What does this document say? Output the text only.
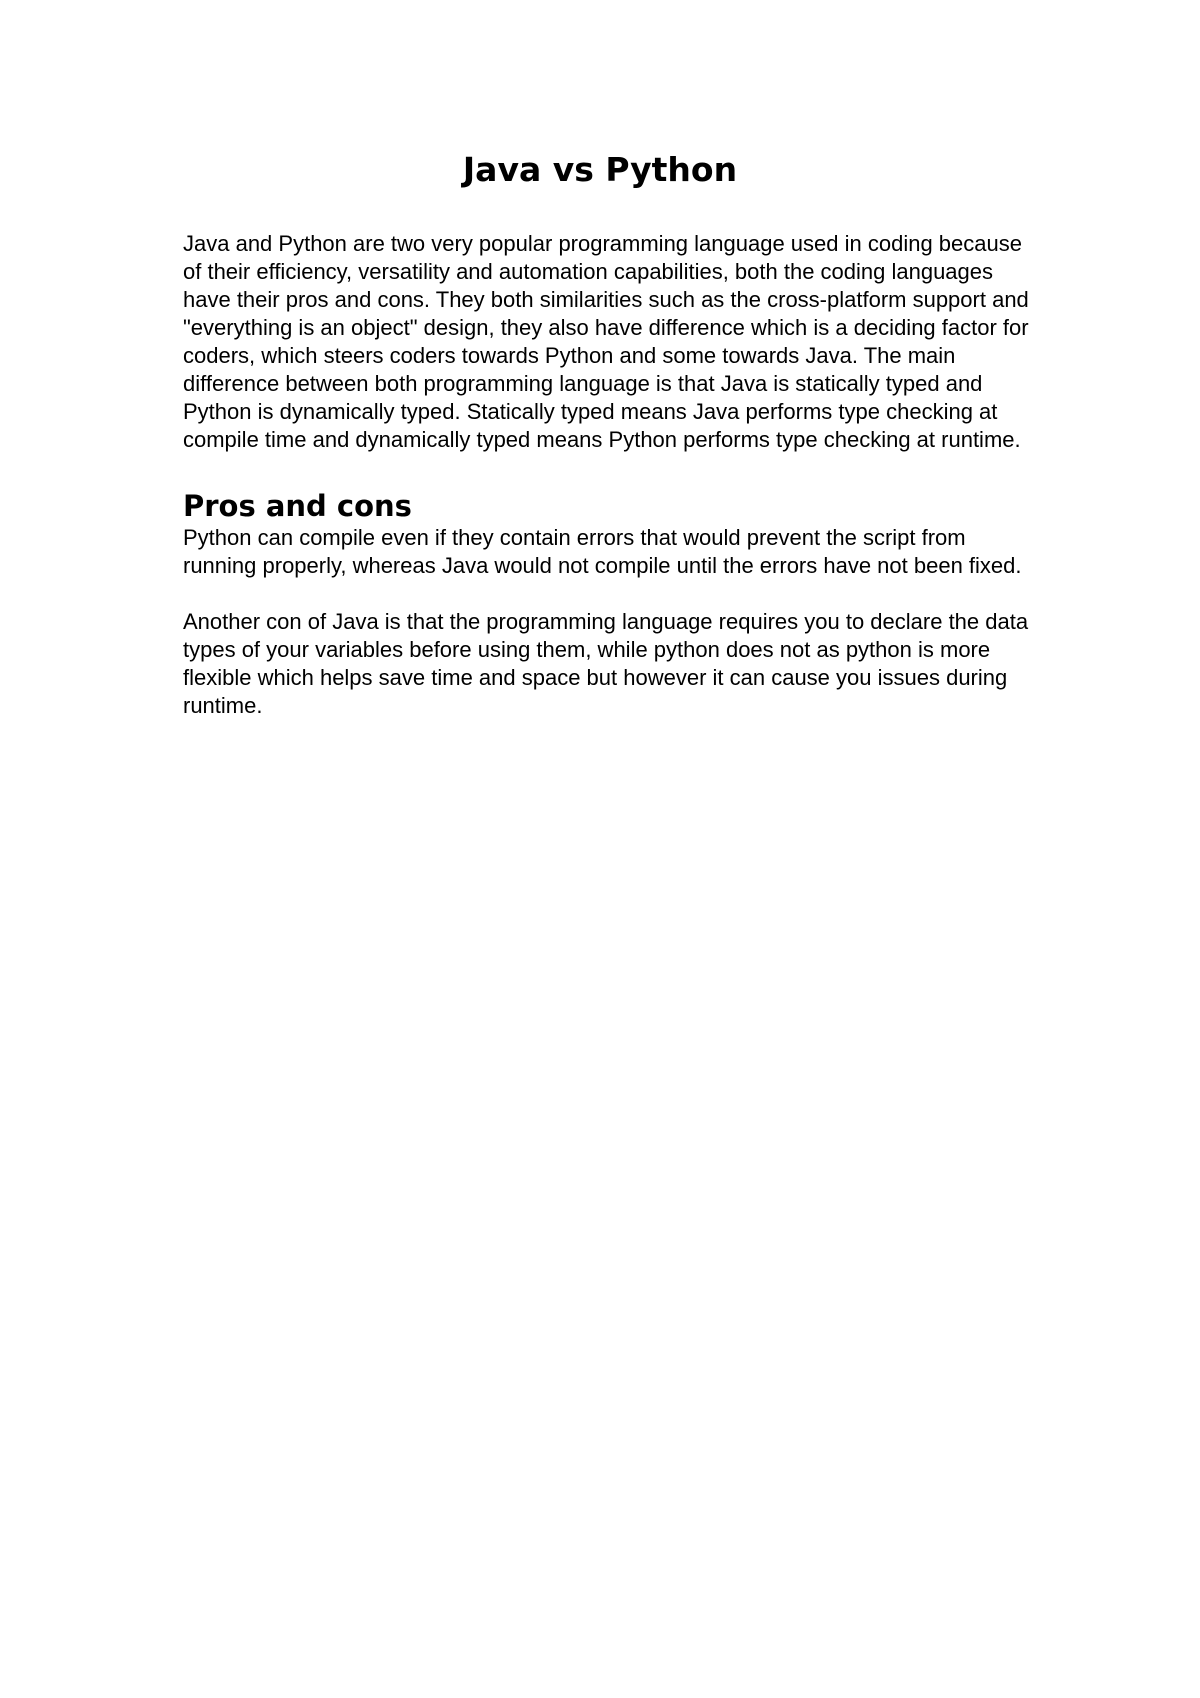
Java vs Python

Java and Python are two very popular programming language used in coding because of their efficiency, versatility and automation capabilities, both the coding languages have their pros and cons. They both similarities such as the cross-platform support and "everything is an object" design, they also have difference which is a deciding factor for coders, which steers coders towards Python and some towards Java. The main difference between both programming language is that Java is statically typed and Python is dynamically typed. Statically typed means Java performs type checking at compile time and dynamically typed means Python performs type checking at runtime.

Pros and cons

Python can compile even if they contain errors that would prevent the script from running properly, whereas Java would not compile until the errors have not been fixed.

Another con of Java is that the programming language requires you to declare the data types of your variables before using them, while python does not as python is more flexible which helps save time and space but however it can cause you issues during runtime.
